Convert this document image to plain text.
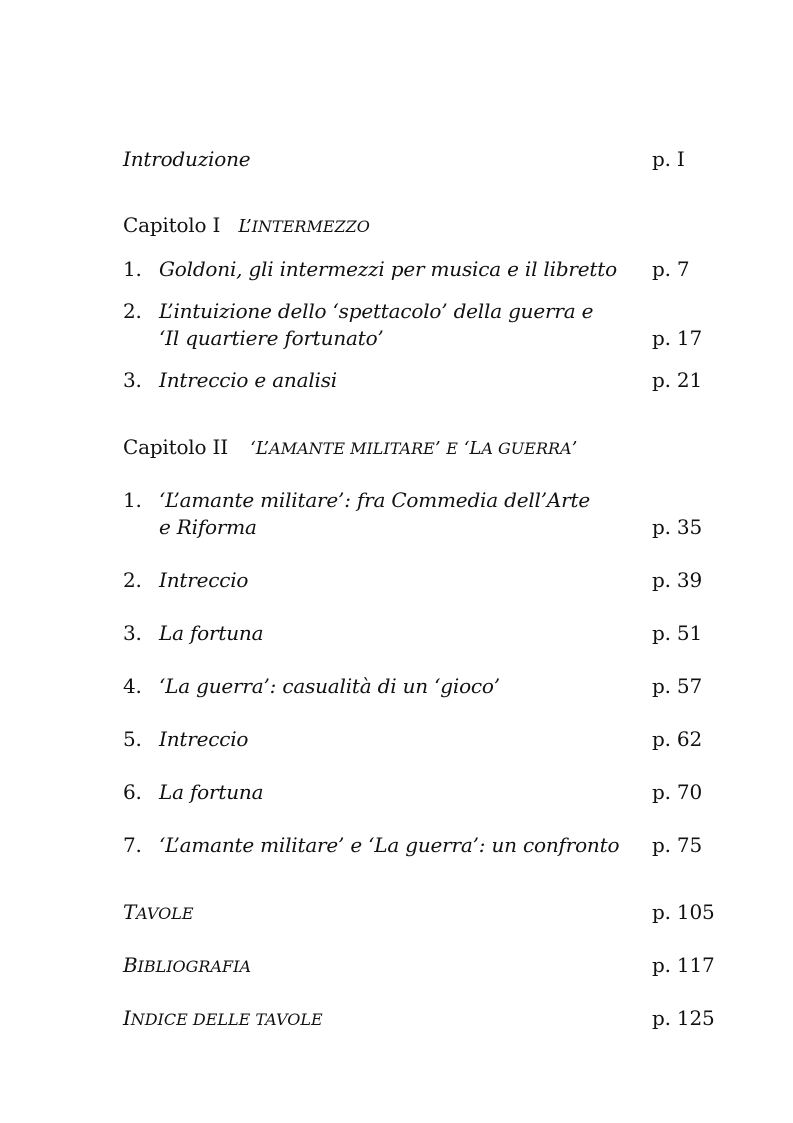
Introduzione	p. I
Capitolo I L’INTERMEZZO
1. Goldoni, gli intermezzi per musica e il libretto p. 7
2. L’intuizione dello ‘spettacolo’ della guerra e
‘Il quartiere fortunato’	p. 17
3. Intreccio e analisi	p. 21
Capitolo II ‘L’AMANTE MILITARE’ E ‘LA GUERRA’
1. ‘L’amante militare’: fra Commedia dell’Arte
e Riforma	p. 35
2. Intreccio	p. 39
3. La fortuna	p. 51
4. ‘La guerra’: casualità di un ‘gioco’	p. 57
5. Intreccio	p. 62
6. La fortuna	p. 70
7. ‘L’amante militare’ e ‘La guerra’: un confronto p. 75
TAVOLE	p. 105
BIBLIOGRAFIA	p. 117
INDICE DELLE TAVOLE	p. 125
